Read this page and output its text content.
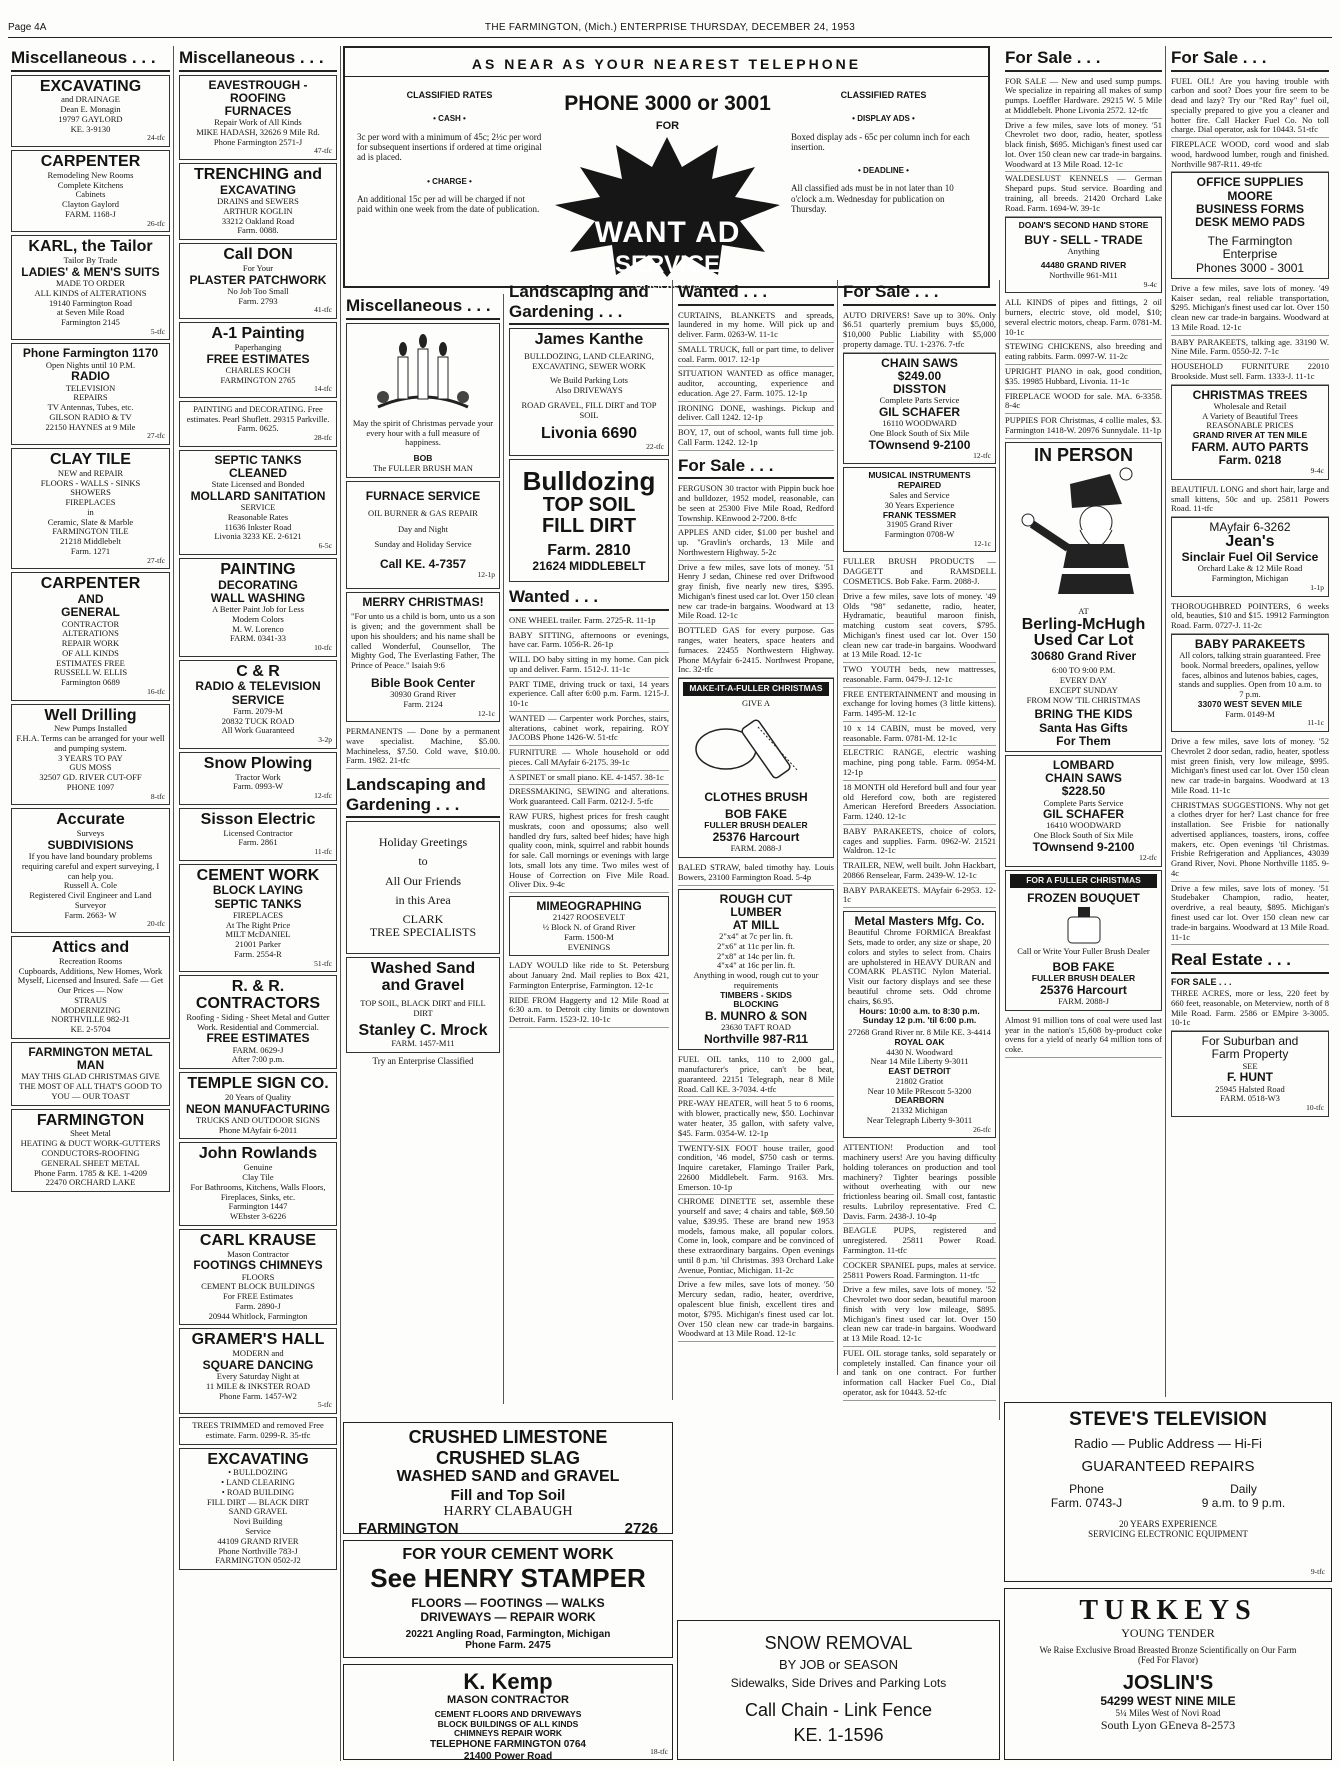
Page 4A	THE FARMINGTON, (Mich.) ENTERPRISE THURSDAY, DECEMBER 24, 1953
Miscellaneous . . .
EXCAVATING
and DRAINAGE
Dean E. Monagin
19797 GAYLORD
KE. 3-9130
24-tfc
CARPENTER
Remodeling New Rooms
Complete Kitchens
Cabinets
Clayton Gaylord
FARM. 1168-J
26-tfc
KARL, the Tailor
Tailor By Trade
LADIES' & MEN'S SUITS
MADE TO ORDER
ALL KINDS of ALTERATIONS
19140 Farmington Road
at Seven Mile Road
Farmington 2145
5-tfc
Phone Farmington 1170
Open Nights until 10 P.M.
RADIO
TELEVISION
REPAIRS
TV Antennas, Tubes, etc.
GILSON RADIO & TV
22150 HAYNES at 9 Mile
27-tfc
CLAY TILE
NEW and REPAIR
FLOORS - WALLS - SINKS
SHOWERS
FIREPLACES
in
Ceramic, Slate & Marble
FARMINGTON TILE
21218 Middlebelt
Farm. 1271
27-tfc
CARPENTER
AND
GENERAL
CONTRACTOR
ALTERATIONS
REPAIR WORK
OF ALL KINDS
ESTIMATES FREE
RUSSELL W. ELLIS
Farmington 0689
16-tfc
Well Drilling
New Pumps Installed
F.H.A. Terms can be arranged for your well and pumping system.
3 YEARS TO PAY
GUS MOSS
32507 GD. RIVER CUT-OFF
PHONE 1097
8-tfc
Accurate
Surveys
SUBDIVISIONS
If you have land boundary problems requiring careful and expert surveying, I can help you.
Russell A. Cole
Registered Civil Engineer and Land Surveyor
Farm. 2663- W
20-tfc
Attics and
Recreation Rooms
Cupboards, Additions, New Homes, Work Myself, Licensed and Insured. Safe — Get Our Prices — Now
STRAUS
MODERNIZING
NORTHVILLE 982-J1
KE. 2-5704
FARMINGTON METAL MAN
MAY THIS GLAD CHRISTMAS GIVE THE MOST OF ALL THAT'S GOOD TO YOU — OUR TOAST
FARMINGTON
Sheet Metal
HEATING & DUCT WORK-GUTTERS
CONDUCTORS-ROOFING
GENERAL SHEET METAL
Phone Farm. 1785 & KE. 1-4209
22470 ORCHARD LAKE
Miscellaneous . . .
EAVESTROUGH - ROOFING
FURNACES
Repair Work of All Kinds
MIKE HADASH, 32626 9 Mile Rd.
Phone Farmington 2571-J
47-tfc
TRENCHING and
EXCAVATING
DRAINS and SEWERS
ARTHUR KOGLIN
33212 Oakland Road
Farm. 0088.
Call DON
For Your
PLASTER PATCHWORK
No Job Too Small
Farm. 2793
41-tfc
A-1 Painting
Paperhanging
FREE ESTIMATES
CHARLES KOCH
FARMINGTON 2765
14-tfc
PAINTING and DECORATING. Free estimates. Pearl Shuflett. 29315 Parkville. Farm. 0625.
28-tfc
SEPTIC TANKS CLEANED
State Licensed and Bonded
MOLLARD SANITATION
SERVICE
Reasonable Rates
11636 Inkster Road
Livonia 3233 KE. 2-6121
6-5c
PAINTING
DECORATING
WALL WASHING
A Better Paint Job for Less
Modern Colors
M. W. Lorenco
FARM. 0341-33
10-tfc
C & R
RADIO & TELEVISION
SERVICE
Farm. 2079-M
20832 TUCK ROAD
All Work Guaranteed
3-2p
Snow Plowing
Tractor Work
Farm. 0993-W
12-tfc
Sisson Electric
Licensed Contractor
Farm. 2861
11-tfc
CEMENT WORK
BLOCK LAYING
SEPTIC TANKS
FIREPLACES
At The Right Price
MILT McDANIEL
21001 Parker
Farm. 2554-R
51-tfc
R. & R. CONTRACTORS
Roofing - Siding - Sheet Metal and Gutter Work. Residential and Commercial.
FREE ESTIMATES
FARM. 0629-J
After 7:00 p.m.
TEMPLE SIGN CO.
20 Years of Quality
NEON MANUFACTURING
TRUCKS AND OUTDOOR SIGNS
Phone MAyfair 6-2011
John Rowlands
Genuine
Clay Tile
For Bathrooms, Kitchens, Walls Floors, Fireplaces, Sinks, etc.
Farmington 1447
WEbster 3-6226
CARL KRAUSE
Mason Contractor
FOOTINGS CHIMNEYS
FLOORS
CEMENT BLOCK BUILDINGS
For FREE Estimates
Farm. 2890-J
20944 Whitlock, Farmington
GRAMER'S HALL
MODERN and
SQUARE DANCING
Every Saturday Night at
11 MILE & INKSTER ROAD
Phone Farm. 1457-W2
5-tfc
TREES TRIMMED and removed Free estimate. Farm. 0299-R. 35-tfc
EXCAVATING
• BULLDOZING
• LAND CLEARING
• ROAD BUILDING
FILL DIRT — BLACK DIRT
SAND GRAVEL
Novi Building
Service
44109 GRAND RIVER
Phone Northville 783-J
FARMINGTON 0502-J2
AS NEAR AS YOUR NEAREST TELEPHONE
CLASSIFIED RATES
• CASH •
3c per word with a minimum of 45c; 2½c per word for subsequent insertions if ordered at time original ad is placed.
• CHARGE •
An additional 15c per ad will be charged if not paid within one week from the date of publication.
PHONE 3000 or 3001
FOR
WANT AD
SERVICE
Quick Results
CLASSIFIED RATES
• DISPLAY ADS •
Boxed display ads - 65c per column inch for each insertion.
• DEADLINE •
All classified ads must be in not later than 10 o'clock a.m. Wednesday for publication on Thursday.
Miscellaneous . . .
May the spirit of Christmas pervade your every hour with a full measure of happiness.
BOB
The FULLER BRUSH MAN
FURNACE SERVICE
OIL BURNER & GAS REPAIR
Day and Night
Sunday and Holiday Service
Call KE. 4-7357
12-1p
MERRY CHRISTMAS!
"For unto us a child is born, unto us a son is given; and the government shall be upon his shoulders; and his name shall be called Wonderful, Counsellor, The Mighty God, The Everlasting Father, The Prince of Peace." Isaiah 9:6
Bible Book Center
30930 Grand River
Farm. 2124
12-1c
PERMANENTS — Done by a permanent wave specialist. Machine, $5.00. Machineless, $7.50. Cold wave, $10.00. Farm. 1982. 21-tfc
Landscaping and Gardening . . .
Holiday Greetings
to
All Our Friends
in this Area
CLARK
TREE SPECIALISTS
Washed Sand
and Gravel
TOP SOIL, BLACK DIRT and FILL DIRT
Stanley C. Mrock
FARM. 1457-M11
Try an Enterprise Classified
Landscaping and Gardening . . .
James Kanthe
BULLDOZING, LAND CLEARING, EXCAVATING, SEWER WORK
We Build Parking Lots
Also DRIVEWAYS
ROAD GRAVEL, FILL DIRT and TOP SOIL
Livonia 6690
22-tfc
Bulldozing
TOP SOIL
FILL DIRT
Farm. 2810
21624 MIDDLEBELT
Wanted . . .
ONE WHEEL trailer. Farm. 2725-R. 11-1p
BABY SITTING, afternoons or evenings, have car. Farm. 1056-R. 26-1p
WILL DO baby sitting in my home. Can pick up and deliver. Farm. 1512-J. 11-1c
PART TIME, driving truck or taxi, 14 years experience. Call after 6:00 p.m. Farm. 1215-J. 10-1c
WANTED — Carpenter work Porches, stairs, alterations, cabinet work, repairing. ROY JACOBS Phone 1426-W. 51-tfc
FURNITURE — Whole household or odd pieces. Call MAyfair 6-2175. 39-1c
A SPINET or small piano. KE. 4-1457. 38-1c
DRESSMAKING, SEWING and alterations. Work guaranteed. Call Farm. 0212-J. 5-tfc
RAW FURS, highest prices for fresh caught muskrats, coon and opossums; also well handled dry furs, salted beef hides; have high quality coon, mink, squirrel and rabbit hounds for sale. Call mornings or evenings with large lots, small lots any time. Two miles west of House of Correction on Five Mile Road. Oliver Dix. 9-4c
MIMEOGRAPHING
21427 ROOSEVELT
½ Block N. of Grand River
Farm. 1500-M
EVENINGS
LADY WOULD like ride to St. Petersburg about January 2nd. Mail replies to Box 421, Farmington Enterprise, Farmington. 12-1c
RIDE FROM Haggerty and 12 Mile Road at 6:30 a.m. to Detroit city limits or downtown Detroit. Farm. 1523-J2. 10-1c
Wanted . . .
CURTAINS, BLANKETS and spreads, laundered in my home. Will pick up and deliver. Farm. 0263-W. 11-1c
SMALL TRUCK, full or part time, to deliver coal. Farm. 0017. 12-1p
SITUATION WANTED as office manager, auditor, accounting, experience and education. Age 27. Farm. 1075. 12-1p
IRONING DONE, washings. Pickup and deliver. Call 1242. 12-1p
BOY, 17, out of school, wants full time job. Call Farm. 1242. 12-1p
For Sale . . .
FERGUSON 30 tractor with Pippin buck hoe and bulldozer, 1952 model, reasonable, can be seen at 25300 Five Mile Road, Redford Township. KEnwood 2-7200. 8-tfc
APPLES AND cider, $1.00 per bushel and up. "Gravlin's orchards, 13 Mile and Northwestern Highway. 5-2c
Drive a few miles, save lots of money. '51 Henry J sedan, Chinese red over Driftwood gray finish, five nearly new tires, $395. Michigan's finest used car lot. Over 150 clean new car trade-in bargains. Woodward at 13 Mile Road. 12-1c
BOTTLED GAS for every purpose. Gas ranges, water heaters, space heaters and furnaces. 22455 Northwestern Highway. Phone MAyfair 6-2415. Northwest Propane, Inc. 32-tfc
MAKE-IT-A-FULLER CHRISTMAS
GIVE A
CLOTHES BRUSH
BOB FAKE
FULLER BRUSH DEALER
25376 Harcourt
FARM. 2088-J
BALED STRAW, baled timothy hay. Louis Bowers, 23100 Farmington Road. 5-4p
ROUGH CUT
LUMBER
AT MILL
2"x4" at 7c per lin. ft.
2"x6" at 11c per lin. ft.
2"x8" at 14c per lin. ft.
4"x4" at 16c per lin. ft.
Anything in wood, rough cut to your requirements
TIMBERS - SKIDS
BLOCKING
B. MUNRO & SON
23630 TAFT ROAD
Northville 987-R11
FUEL OIL tanks, 110 to 2,000 gal., manufacturer's price, can't be beat, guaranteed. 22151 Telegraph, near 8 Mile Road. Call KE. 3-7034. 4-tfc
PRE-WAY HEATER, will heat 5 to 6 rooms, with blower, practically new, $50. Lochinvar water heater, 35 gallon, with safety valve, $45. Farm. 0354-W. 12-1p
TWENTY-SIX FOOT house trailer, good condition, '46 model, $750 cash or terms. Inquire caretaker, Flamingo Trailer Park, 22600 Middlebelt. Farm. 9163. Mrs. Emerson. 10-1p
CHROME DINETTE set, assemble these yourself and save; 4 chairs and table, $69.50 value, $39.95. These are brand new 1953 models, famous make, all popular colors. Come in, look, compare and be convinced of these extraordinary bargains. Open evenings until 8 p.m. 'til Christmas. 393 Orchard Lake Avenue, Pontiac, Michigan. 11-2c
Drive a few miles, save lots of money. '50 Mercury sedan, radio, heater, overdrive, opalescent blue finish, excellent tires and motor, $795. Michigan's finest used car lot. Over 150 clean new car trade-in bargains. Woodward at 13 Mile Road. 12-1c
For Sale . . .
AUTO DRIVERS! Save up to 30%. Only $6.51 quarterly premium buys $5,000, $10,000 Public Liability with $5,000 property damage. TU. 1-2376. 7-tfc
CHAIN SAWS
$249.00
DISSTON
Complete Parts Service
GIL SCHAFER
16110 WOODWARD
One Block South of Six Mile
TOwnsend 9-2100
12-tfc
MUSICAL INSTRUMENTS
REPAIRED
Sales and Service
30 Years Experience
FRANK TESSMER
31905 Grand River
Farmington 0708-W
12-1c
FULLER BRUSH PRODUCTS — DAGGETT and RAMSDELL COSMETICS. Bob Fake. Farm. 2088-J.
Drive a few miles, save lots of money. '49 Olds "98" sedanette, radio, heater, Hydramatic, beautiful maroon finish, matching custom seat covers, $795. Michigan's finest used car lot. Over 150 clean new car trade-in bargains. Woodward at 13 Mile Road. 12-1c
TWO YOUTH beds, new mattresses, reasonable. Farm. 0479-J. 12-1c
FREE ENTERTAINMENT and mousing in exchange for loving homes (3 little kittens). Farm. 1495-M. 12-1c
10 x 14 CABIN, must be moved, very reasonable. Farm. 0781-M. 12-1c
ELECTRIC RANGE, electric washing machine, ping pong table. Farm. 0954-M. 12-1p
18 MONTH old Hereford bull and four year old Hereford cow, both are registered American Hereford Breeders Association. Farm. 1240. 12-1c
BABY PARAKEETS, choice of colors, cages and supplies. Farm. 0962-W. 21521 Waldron. 12-1c
TRAILER, NEW, well built. John Hackbart, 20866 Renselear, Farm. 2439-W. 12-1c
BABY PARAKEETS. MAyfair 6-2953. 12-1c
Metal Masters Mfg. Co.
Beautiful Chrome FORMICA Breakfast Sets, made to order, any size or shape, 20 colors and styles to select from. Chairs are upholstered in HEAVY DURAN and COMARK PLASTIC Nylon Material. Visit our factory displays and see these beautiful chrome sets. Odd chrome chairs, $6.95.
Hours: 10:00 a.m. to 8:30 p.m. Sunday 12 p.m. 'til 6:00 p.m.
27268 Grand River nr. 8 Mile KE. 3-4414
ROYAL OAK
4430 N. Woodward
Near 14 Mile Liberty 9-3011
EAST DETROIT
21802 Gratiot
Near 10 Mile PRescott 5-3200
DEARBORN
21332 Michigan
Near Telegraph Liberty 9-3011
26-tfc
ATTENTION! Production and tool machinery users! Are you having difficulty holding tolerances on production and tool machinery? Tighter bearings possible without overheating with our new frictionless bearing oil. Small cost, fantastic results. Lubriloy representative. Fred C. Davis. Farm. 2438-J. 10-4p
BEAGLE PUPS, registered and unregistered. 25811 Power Road. Farmington. 11-tfc
COCKER SPANIEL pups, males at service. 25811 Powers Road. Farmington. 11-tfc
Drive a few miles, save lots of money. '52 Chevrolet two door sedan, beautiful maroon finish with very low mileage, $895. Michigan's finest used car lot. Over 150 clean new car trade-in bargains. Woodward at 13 Mile Road. 12-1c
FUEL OIL storage tanks, sold separately or completely installed. Can finance your oil and tank on one contract. For further information call Hacker Fuel Co., Dial operator, ask for 10443. 52-tfc
For Sale . . .
FOR SALE — New and used sump pumps. We specialize in repairing all makes of sump pumps. Loeffler Hardware. 29215 W. 5 Mile at Middlebelt. Phone Livonia 2572. 12-tfc
Drive a few miles, save lots of money. '51 Chevrolet two door, radio, heater, spotless black finish, $695. Michigan's finest used car lot. Over 150 clean new car trade-in bargains. Woodward at 13 Mile Road. 12-1c
WALDESLUST KENNELS — German Shepard pups. Stud service. Boarding and training, all breeds. 21420 Orchard Lake Road. Farm. 1694-W. 39-1c
DOAN'S SECOND HAND STORE
BUY - SELL - TRADE
Anything
44480 GRAND RIVER
Northville 961-M11
9-4c
ALL KINDS of pipes and fittings, 2 oil burners, electric stove, old model, $10; several electric motors, cheap. Farm. 0781-M. 10-1c
STEWING CHICKENS, also breeding and eating rabbits. Farm. 0997-W. 11-2c
UPRIGHT PIANO in oak, good condition, $35. 19985 Hubbard, Livonia. 11-1c
FIREPLACE WOOD for sale. MA. 6-3358. 8-4c
PUPPIES FOR Christmas, 4 collie males, $3. Farmington 1418-W. 20976 Sunnydale. 11-1p
IN PERSON
AT
Berling-McHugh
Used Car Lot
30680 Grand River
6:00 TO 9:00 P.M.
EVERY DAY
EXCEPT SUNDAY
FROM NOW 'TIL CHRISTMAS
BRING THE KIDS
Santa Has Gifts
For Them
LOMBARD
CHAIN SAWS
$228.50
Complete Parts Service
GIL SCHAFER
16410 WOODWARD
One Block South of Six Mile
TOwnsend 9-2100
12-tfc
FOR A FULLER CHRISTMAS
FROZEN BOUQUET
Call or Write Your Fuller Brush Dealer
BOB FAKE
FULLER BRUSH DEALER
25376 Harcourt
FARM. 2088-J
Almost 91 million tons of coal were used last year in the nation's 15,608 by-product coke ovens for a yield of nearly 64 million tons of coke.
For Sale . . .
FUEL OIL! Are you having trouble with carbon and soot? Does your fire seem to be dead and lazy? Try our "Red Ray" fuel oil, specially prepared to give you a cleaner and hotter fire. Call Hacker Fuel Co. No toll charge. Dial operator, ask for 10443. 51-tfc
FIREPLACE WOOD, cord wood and slab wood, hardwood lumber, rough and finished. Northville 987-R11. 49-tfc
OFFICE SUPPLIES
MOORE
BUSINESS FORMS
DESK MEMO PADS
The Farmington
Enterprise
Phones 3000 - 3001
Drive a few miles, save lots of money. '49 Kaiser sedan, real reliable transportation, $295. Michigan's finest used car lot. Over 150 clean new car trade-in bargains. Woodward at 13 Mile Road. 12-1c
BABY PARAKEETS, talking age. 33190 W. Nine Mile. Farm. 0550-J2. 7-1c
HOUSEHOLD FURNITURE 22010 Brookside. Must sell. Farm. 1333-J. 11-1c
CHRISTMAS TREES
Wholesale and Retail
A Variety of Beautiful Trees
REASONABLE PRICES
GRAND RIVER AT TEN MILE
FARM. AUTO PARTS
Farm. 0218
9-4c
BEAUTIFUL LONG and short hair, large and small kittens, 50c and up. 25811 Powers Road. 11-tfc
MAyfair 6-3262
Jean's
Sinclair Fuel Oil Service
Orchard Lake & 12 Mile Road
Farmington, Michigan
1-1p
THOROUGHBRED POINTERS, 6 weeks old, beauties, $10 and $15. 19912 Farmington Road. Farm. 0727-J. 11-2c
BABY PARAKEETS
All colors, talking strain guaranteed. Free book. Normal breeders, opalines, yellow faces, albinos and lutenos babies, cages, stands and supplies. Open from 10 a.m. to 7 p.m.
33070 WEST SEVEN MILE
Farm. 0149-M
11-1c
Drive a few miles, save lots of money. '52 Chevrolet 2 door sedan, radio, heater, spotless mist green finish, very low mileage, $995. Michigan's finest used car lot. Over 150 clean new car trade-in bargains. Woodward at 13 Mile Road. 11-1c
CHRISTMAS SUGGESTIONS. Why not get a clothes dryer for her? Last chance for free installation. See Frisbie for nationally advertised appliances, toasters, irons, coffee makers, etc. Open evenings 'til Christmas. Frisbie Refrigeration and Appliances, 43039 Grand River, Novi. Phone Northville 1185. 9-4c
Drive a few miles, save lots of money. '51 Studebaker Champion, radio, heater, overdrive, a real beauty, $895. Michigan's finest used car lot. Over 150 clean new car trade-in bargains. Woodward at 13 Mile Road. 11-1c
Real Estate . . .
FOR SALE . . .
THREE ACRES, more or less, 220 feet by 660 feet, reasonable, on Meterview, north of 8 Mile Road. Farm. 2586 or EMpire 3-3005. 10-1c
For Suburban and
Farm Property
SEE
F. HUNT
25945 Halsted Road
FARM. 0518-W3
10-tfc
CRUSHED LIMESTONE
CRUSHED SLAG
WASHED SAND and GRAVEL
Fill and Top Soil
HARRY CLABAUGH
FARMINGTON	2726
FOR YOUR CEMENT WORK
See HENRY STAMPER
FLOORS — FOOTINGS — WALKS
DRIVEWAYS — REPAIR WORK
20221 Angling Road, Farmington, Michigan
Phone Farm. 2475
K. Kemp
MASON CONTRACTOR
CEMENT FLOORS AND DRIVEWAYS
BLOCK BUILDINGS OF ALL KINDS
CHIMNEYS REPAIR WORK
TELEPHONE FARMINGTON 0764
21400 Power Road	18-tfc
SNOW REMOVAL
BY JOB or SEASON
Sidewalks, Side Drives and Parking Lots
Call Chain - Link Fence
KE. 1-1596
STEVE'S TELEVISION
Radio — Public Address — Hi-Fi
GUARANTEED REPAIRS
Phone
Farm. 0743-J
Daily
9 a.m. to 9 p.m.
20 YEARS EXPERIENCE
SERVICING ELECTRONIC EQUIPMENT
9-tfc
TURKEYS
YOUNG TENDER
We Raise Exclusive Broad Breasted Bronze Scientifically on Our Farm
(Fed For Flavor)
JOSLIN'S
54299 WEST NINE MILE
5¼ Miles West of Novi Road
South Lyon GEneva 8-2573
